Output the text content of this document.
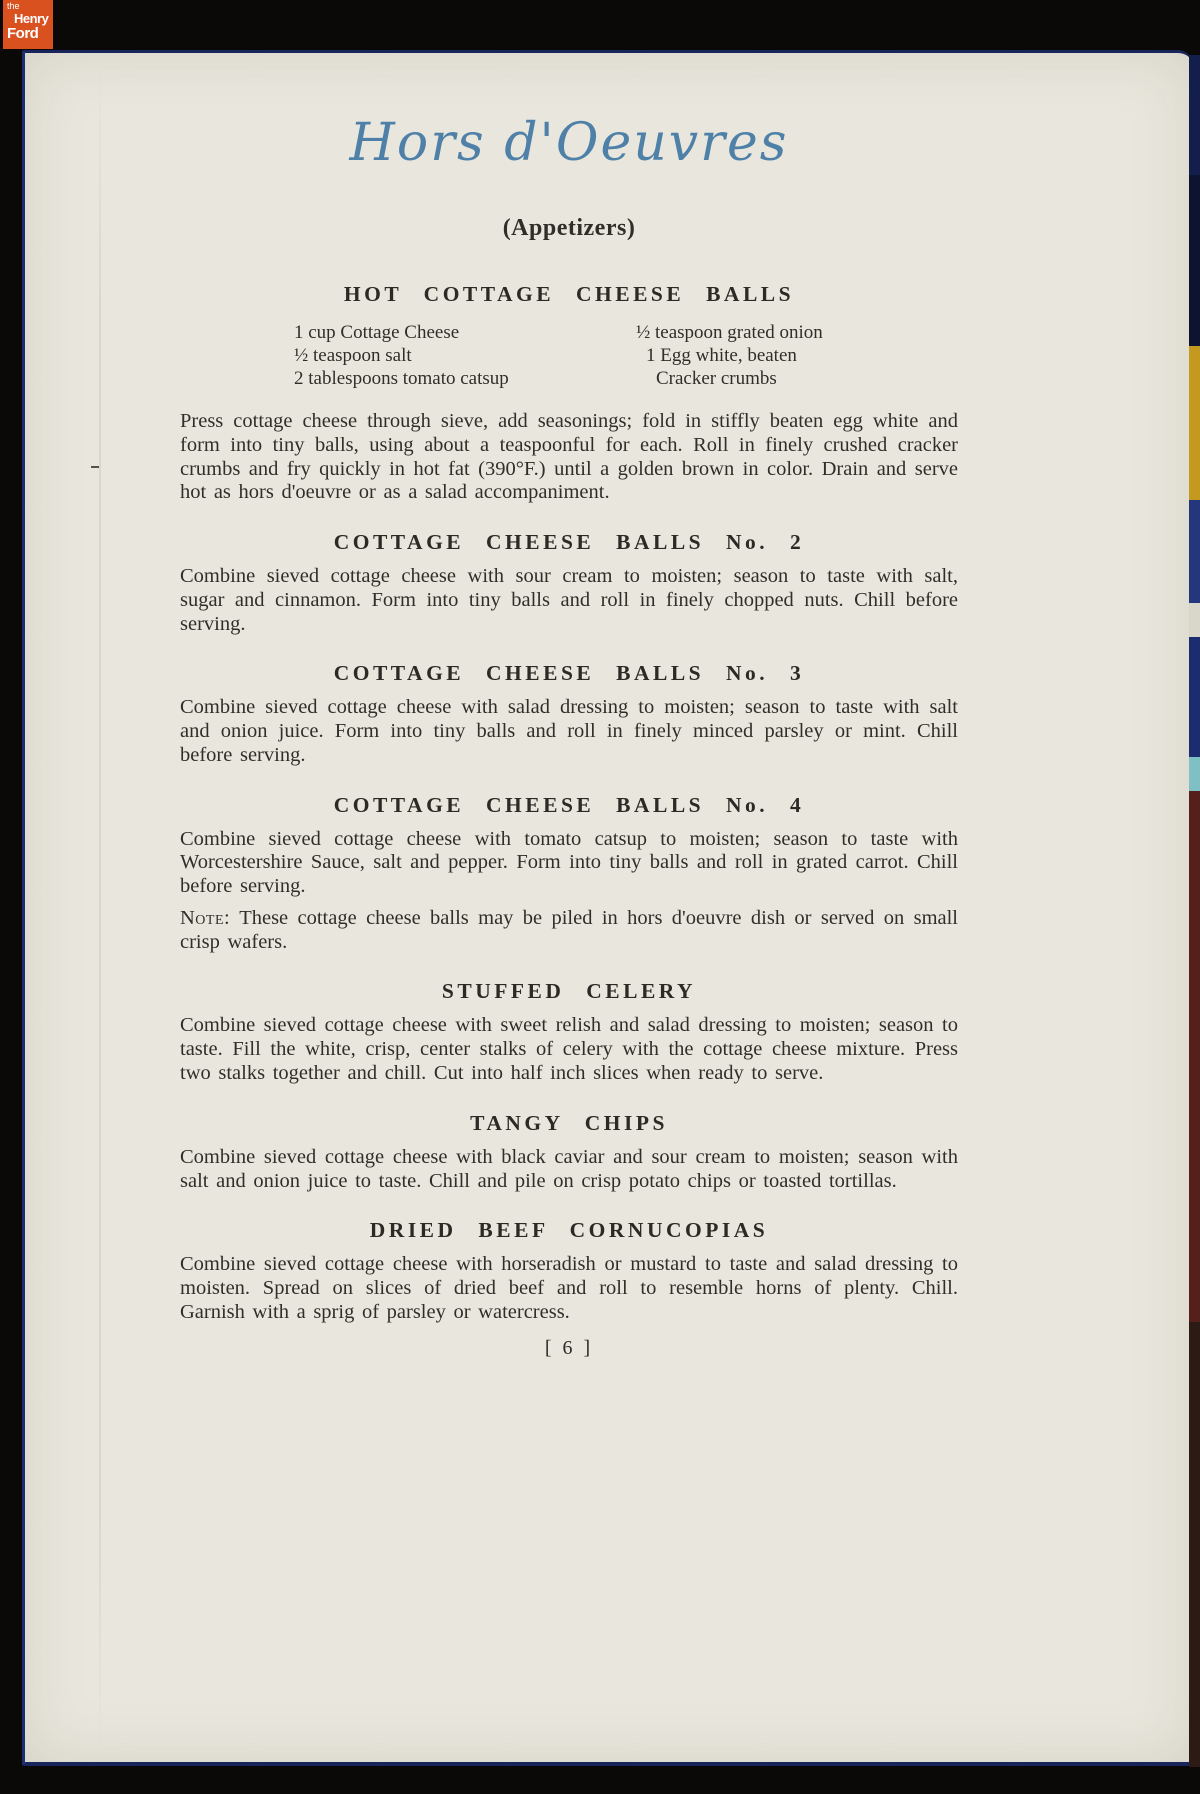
the
Henry
Ford
Hors d'Oeuvres
(Appetizers)
HOT COTTAGE CHEESE BALLS
1 cup Cottage Cheese
½ teaspoon salt
2 tablespoons tomato catsup
½ teaspoon grated onion
1 Egg white, beaten
Cracker crumbs

Press cottage cheese through sieve, add seasonings; fold in stiffly beaten egg white and form into tiny balls, using about a teaspoonful for each. Roll in finely crushed cracker crumbs and fry quickly in hot fat (390°F.) until a golden brown in color. Drain and serve hot as hors d'oeuvre or as a salad accompaniment.

COTTAGE CHEESE BALLS No. 2

Combine sieved cottage cheese with sour cream to moisten; season to taste with salt, sugar and cinnamon. Form into tiny balls and roll in finely chopped nuts. Chill before serving.

COTTAGE CHEESE BALLS No. 3

Combine sieved cottage cheese with salad dressing to moisten; season to taste with salt and onion juice. Form into tiny balls and roll in finely minced parsley or mint. Chill before serving.

COTTAGE CHEESE BALLS No. 4

Combine sieved cottage cheese with tomato catsup to moisten; season to taste with Worcestershire Sauce, salt and pepper. Form into tiny balls and roll in grated carrot. Chill before serving.

Note: These cottage cheese balls may be piled in hors d'oeuvre dish or served on small crisp wafers.

STUFFED CELERY

Combine sieved cottage cheese with sweet relish and salad dressing to moisten; season to taste. Fill the white, crisp, center stalks of celery with the cottage cheese mixture. Press two stalks together and chill. Cut into half inch slices when ready to serve.

TANGY CHIPS

Combine sieved cottage cheese with black caviar and sour cream to moisten; season with salt and onion juice to taste. Chill and pile on crisp potato chips or toasted tortillas.

DRIED BEEF CORNUCOPIAS

Combine sieved cottage cheese with horseradish or mustard to taste and salad dressing to moisten. Spread on slices of dried beef and roll to resemble horns of plenty. Chill. Garnish with a sprig of parsley or watercress.

[ 6 ]
